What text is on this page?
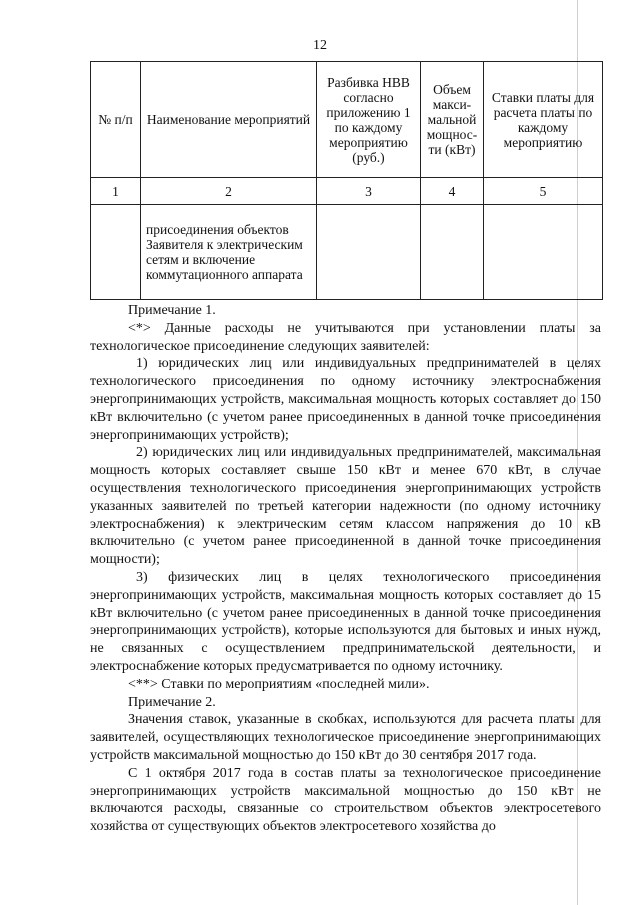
12
№ п/п	Наименование мероприятий	Разбивка НВВ согласно приложению 1 по каждому мероприятию (руб.)	Объем макси-мальной мощнос-ти (кВт)	Ставки платы для расчета платы по каждому мероприятию
1	2	3	4	5
	присоединения объектов Заявителя к электрическим сетям и включение коммутационного аппарата			

Примечание 1.

<*> Данные расходы не учитываются при установлении платы за технологическое присоединение следующих заявителей:

1) юридических лиц или индивидуальных предпринимателей в целях технологического присоединения по одному источнику электроснабжения энергопринимающих устройств, максимальная мощность которых составляет до 150 кВт включительно (с учетом ранее присоединенных в данной точке присоединения энергопринимающих устройств);

2) юридических лиц или индивидуальных предпринимателей, максимальная мощность которых составляет свыше 150 кВт и менее 670 кВт, в случае осуществления технологического присоединения энергопринимающих устройств указанных заявителей по третьей категории надежности (по одному источнику электроснабжения) к электрическим сетям классом напряжения до 10 кВ включительно (с учетом ранее присоединенной в данной точке присоединения мощности);

3) физических лиц в целях технологического присоединения энергопринимающих устройств, максимальная мощность которых составляет до 15 кВт включительно (с учетом ранее присоединенных в данной точке присоединения энергопринимающих устройств), которые используются для бытовых и иных нужд, не связанных с осуществлением предпринимательской деятельности, и электроснабжение которых предусматривается по одному источнику.

<**> Ставки по мероприятиям «последней мили».

Примечание 2.

Значения ставок, указанные в скобках, используются для расчета платы для заявителей, осуществляющих технологическое присоединение энергопринимающих устройств максимальной мощностью до 150 кВт до 30 сентября 2017 года.

С 1 октября 2017 года в состав платы за технологическое присоединение энергопринимающих устройств максимальной мощностью до 150 кВт не включаются расходы, связанные со строительством объектов электросетевого хозяйства от существующих объектов электросетевого хозяйства до
